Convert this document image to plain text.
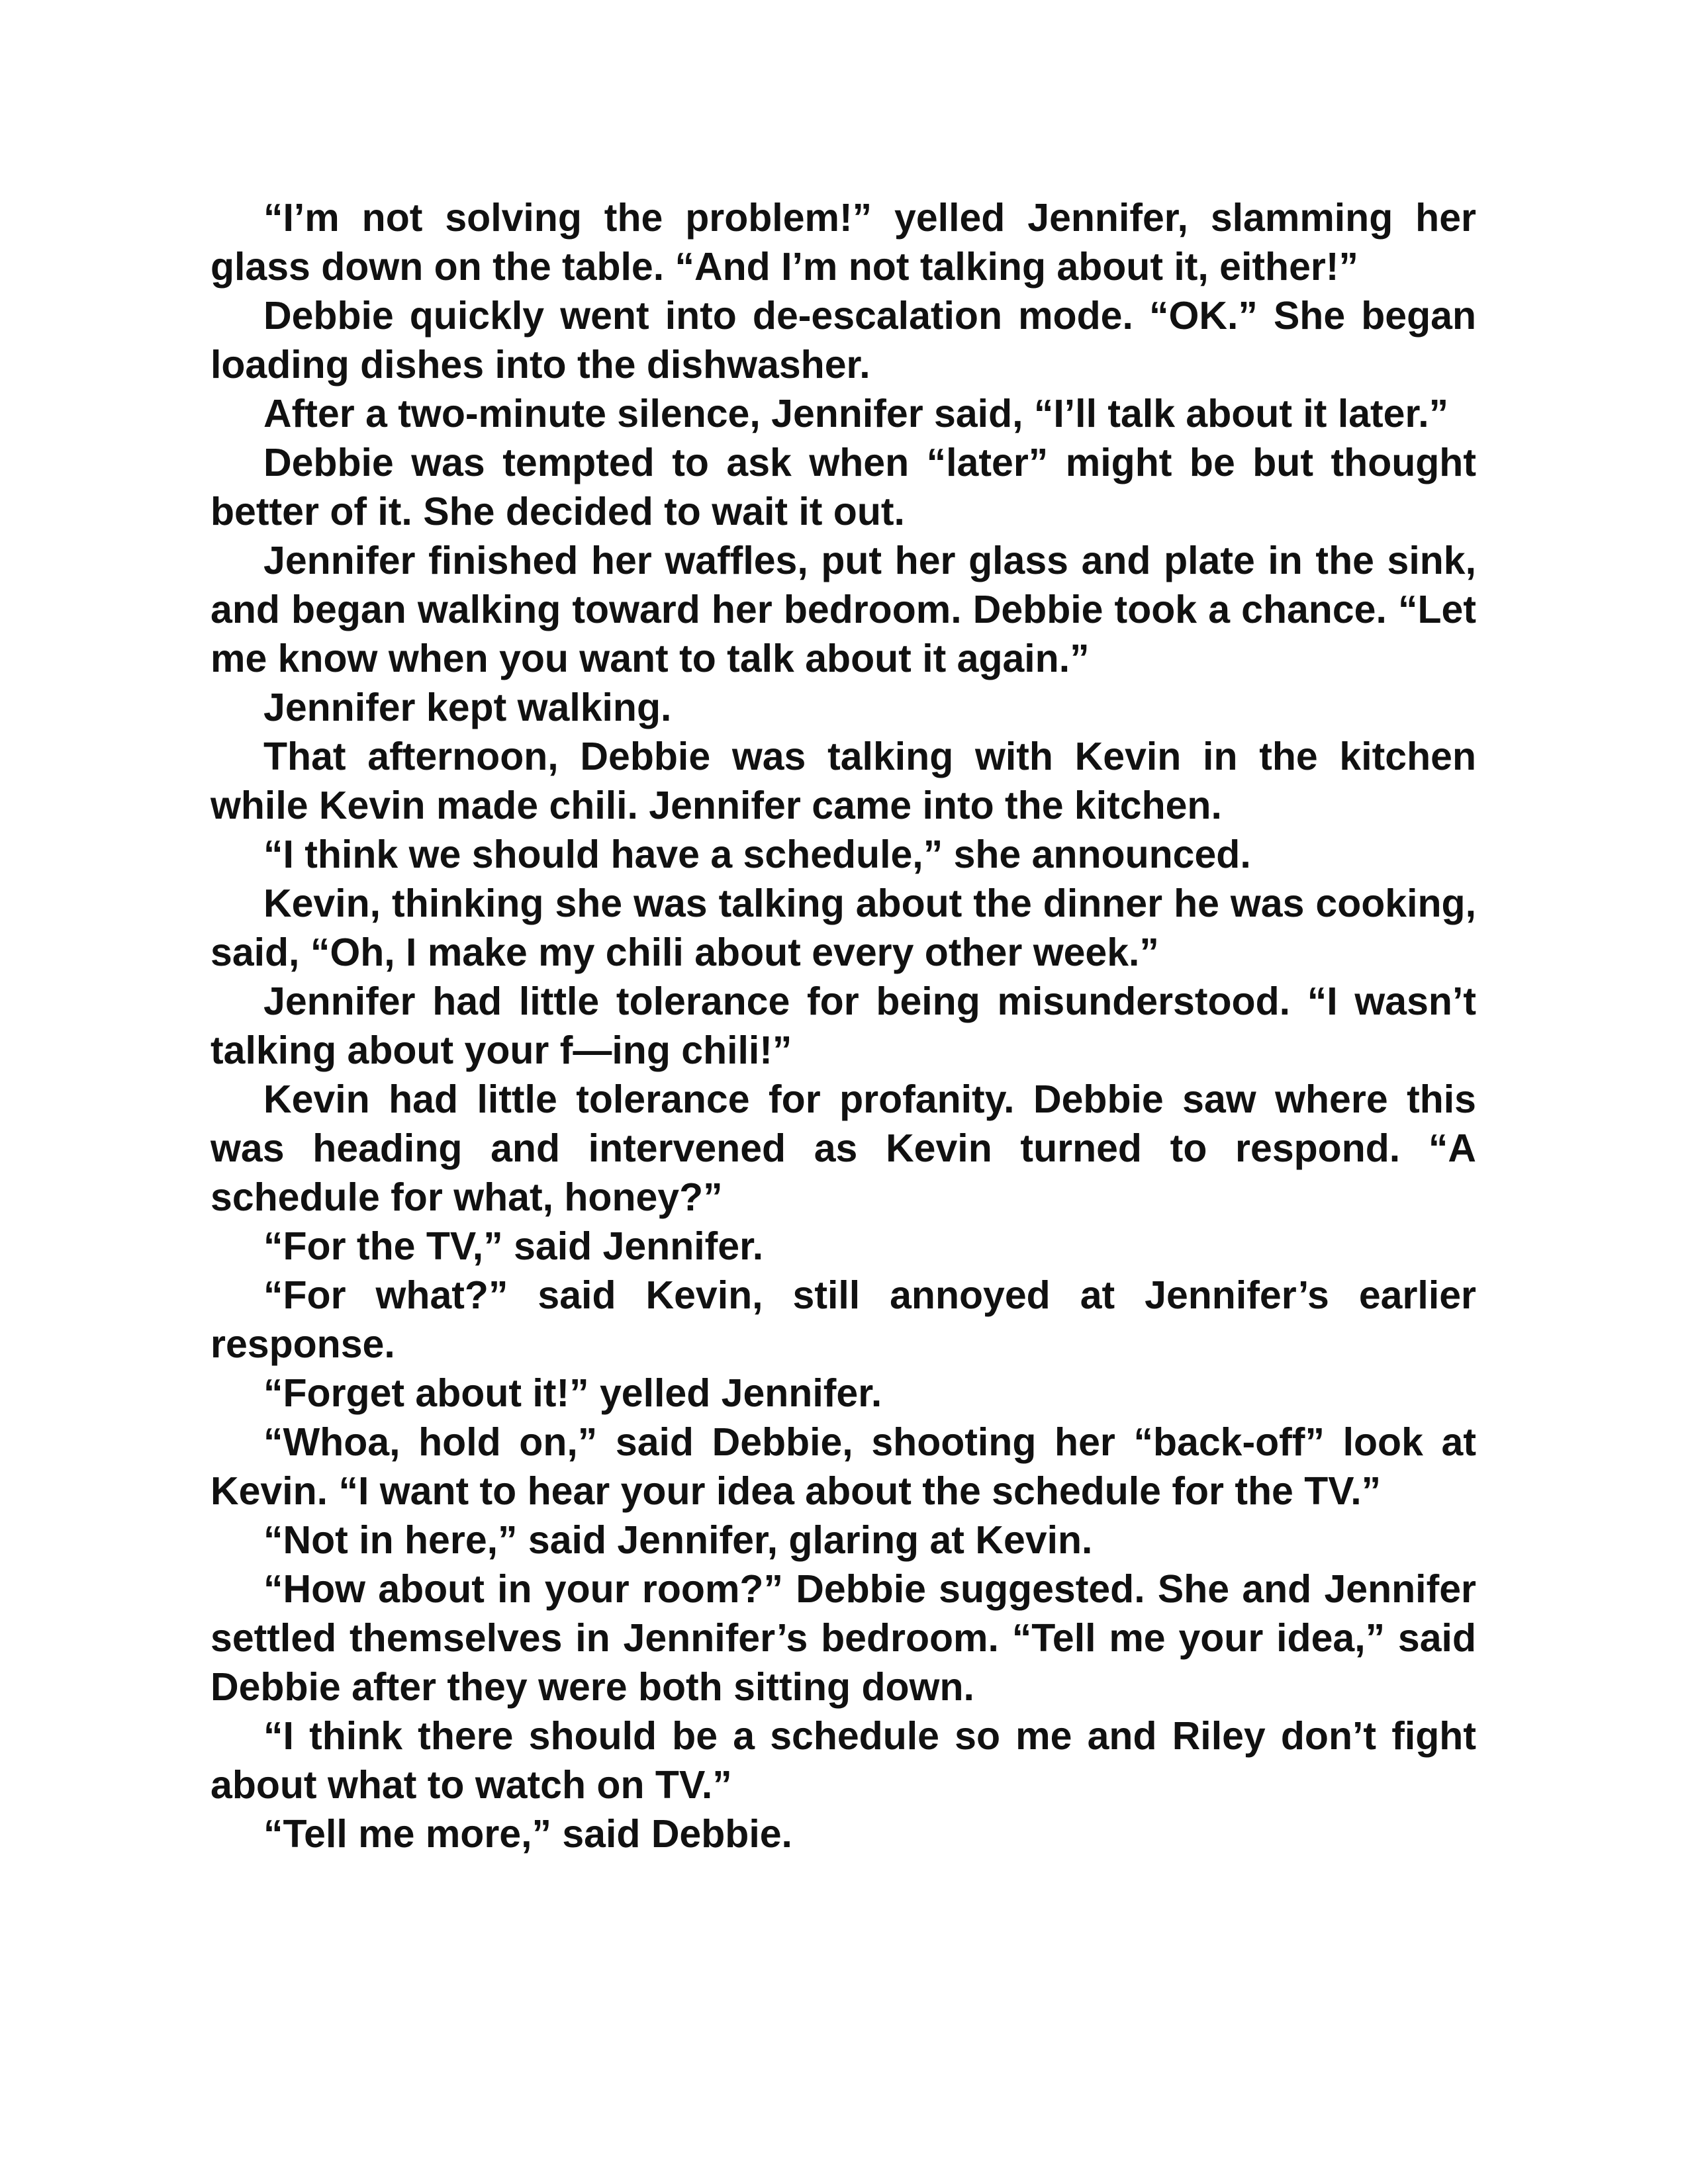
“I’m not solving the problem!” yelled Jennifer, slamming her glass down on the table. “And I’m not talking about it, either!”

Debbie quickly went into de-escalation mode. “OK.” She began loading dishes into the dishwasher.

After a two-minute silence, Jennifer said, “I’ll talk about it later.”

Debbie was tempted to ask when “later” might be but thought better of it. She decided to wait it out.

Jennifer finished her waffles, put her glass and plate in the sink, and began walking toward her bedroom. Debbie took a chance. “Let me know when you want to talk about it again.”

Jennifer kept walking.

That afternoon, Debbie was talking with Kevin in the kitchen while Kevin made chili. Jennifer came into the kitchen.

“I think we should have a schedule,” she announced.

Kevin, thinking she was talking about the dinner he was cooking, said, “Oh, I make my chili about every other week.”

Jennifer had little tolerance for being misunderstood. “I wasn’t talking about your f—ing chili!”

Kevin had little tolerance for profanity. Debbie saw where this was heading and intervened as Kevin turned to respond. “A schedule for what, honey?”

“For the TV,” said Jennifer.

“For what?” said Kevin, still annoyed at Jennifer’s earlier response.

“Forget about it!” yelled Jennifer.

“Whoa, hold on,” said Debbie, shooting her “back-off” look at Kevin. “I want to hear your idea about the schedule for the TV.”

“Not in here,” said Jennifer, glaring at Kevin.

“How about in your room?” Debbie suggested. She and Jennifer settled themselves in Jennifer’s bedroom. “Tell me your idea,” said Debbie after they were both sitting down.

“I think there should be a schedule so me and Riley don’t fight about what to watch on TV.”

“Tell me more,” said Debbie.
